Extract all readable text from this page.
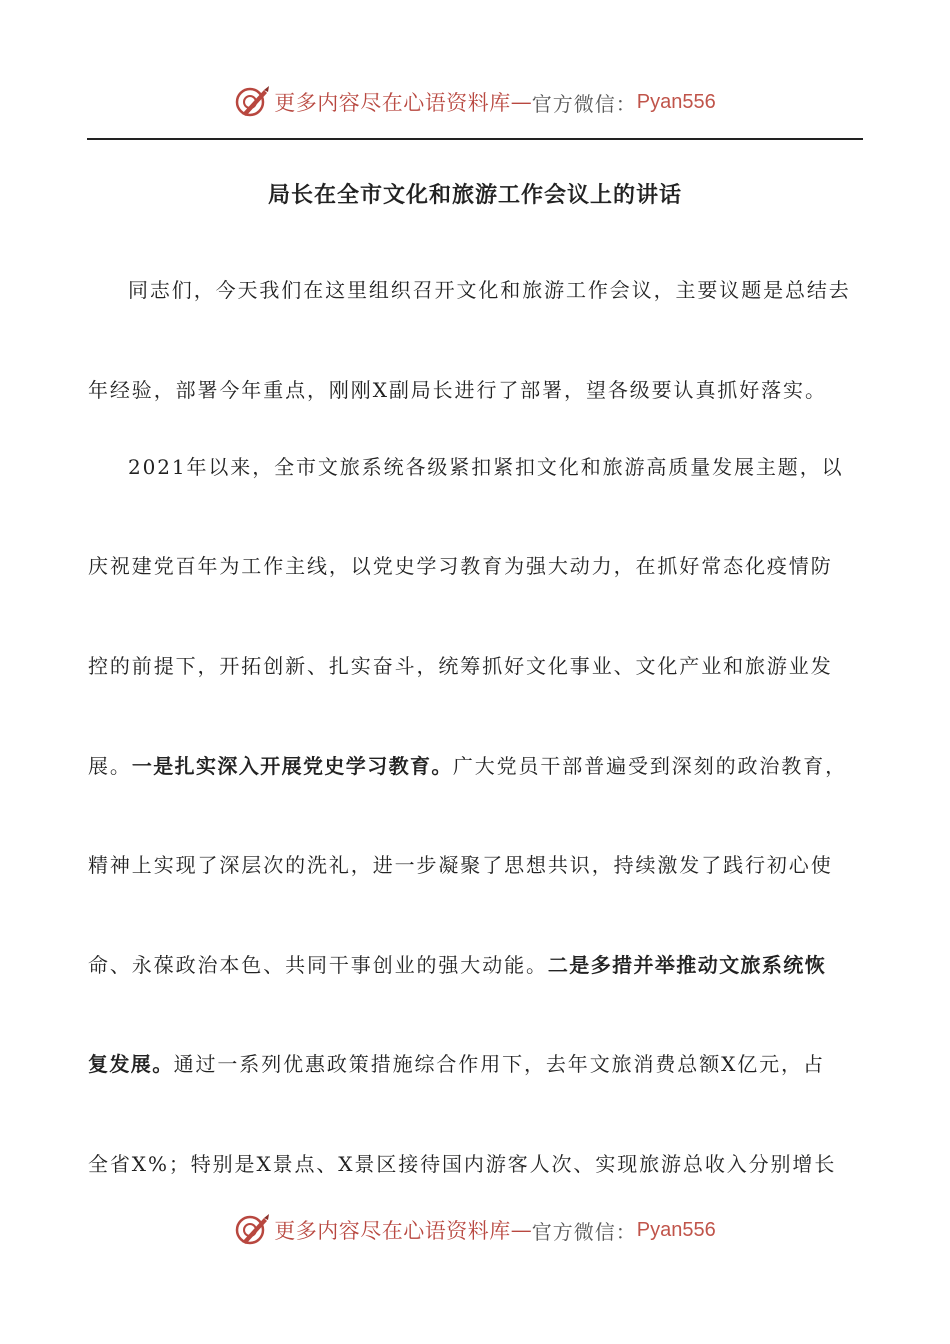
更多内容尽在心语资料库 — 官方微信： Pyan556
局长在全市文化和旅游工作会议上的讲话
同志们，今天我们在这里组织召开文化和旅游工作会议，主要议题是总结去
年经验，部署今年重点，刚刚X副局长进行了部署，望各级要认真抓好落实。
2021年以来，全市文旅系统各级紧扣紧扣文化和旅游高质量发展主题，以
庆祝建党百年为工作主线，以党史学习教育为强大动力，在抓好常态化疫情防
控的前提下，开拓创新、扎实奋斗，统筹抓好文化事业、文化产业和旅游业发
展。一是扎实深入开展党史学习教育。广大党员干部普遍受到深刻的政治教育，
精神上实现了深层次的洗礼，进一步凝聚了思想共识，持续激发了践行初心使
命、永葆政治本色、共同干事创业的强大动能。二是多措并举推动文旅系统恢
复发展。通过一系列优惠政策措施综合作用下，去年文旅消费总额X亿元，占
全省X%；特别是X景点、X景区接待国内游客人次、实现旅游总收入分别增长
更多内容尽在心语资料库 — 官方微信： Pyan556
